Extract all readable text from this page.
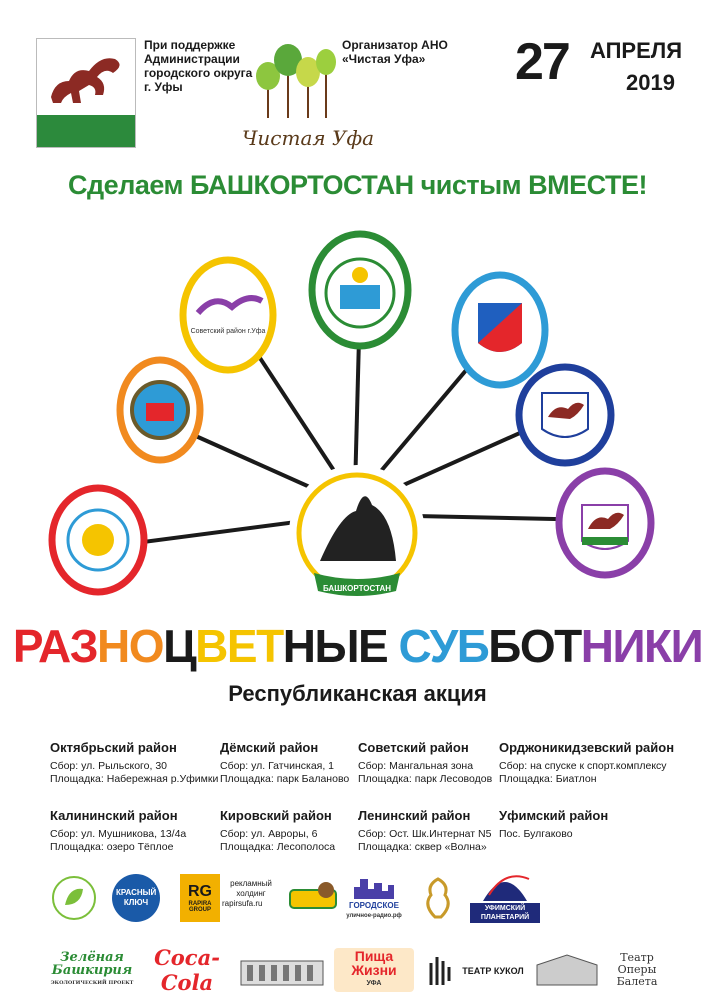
При поддержке
Администрации
городского округа
г. Уфы
Чистая Уфа
Организатор АНО
«Чистая Уфа»	27 АПРЕЛЯ
2019
Сделаем БАШКОРТОСТАН чистым ВМЕСТЕ!
Советский район г.Уфа
БАШКОРТОСТАН
РАЗНОЦВЕТНЫЕ СУББОТНИКИ
Республиканская акция
Октябрьский район
Сбор: ул. Рыльского, 30
Площадка: Набережная р.Уфимки
Дёмский район
Сбор: ул. Гатчинская, 1
Площадка: парк Баланово
Советский район
Сбор: Мангальная зона
Площадка: парк Лесоводов
Орджоникидзевский район
Сбор: на спуске к спорт.комплексу
Площадка: Биатлон
Калининский район
Сбор: ул. Мушникова, 13/4а
Площадка: озеро Тёплое
Кировский район
Сбор: ул. Авроры, 6
Площадка: Лесополоса
Ленинский район
Сбор: Ост. Шк.Интернат N5
Площадка: сквер «Волна»
Уфимский район
Пос. Булгаково
КРАСНЫЙ КЛЮЧ
RG
RAPIRA GROUP
рекламный холдинг
rapirsufa.ru	ГОРОДСКОЕ
уличное-радио.рф
УФИМСКИЙ ПЛАНЕТАРИЙ
Зелёная Башкирия
ЭКОЛОГИЧЕСКИЙ ПРОЕКТ
Coca-Cola
Пища Жизни
УФА
ТЕАТР КУКОЛ
Театр Оперы Балета
